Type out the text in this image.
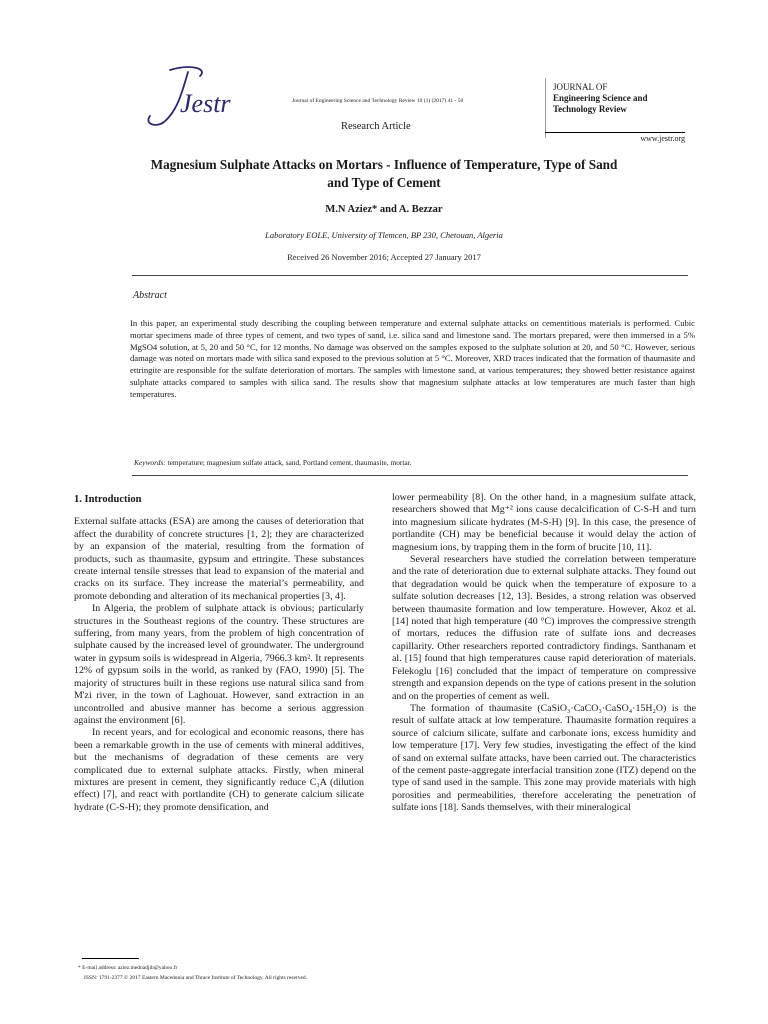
Jestr	Journal of Engineering Science and Technology Review 10 (1) (2017) 41 - 50
Research Article
JOURNAL OF
Engineering Science and
Technology Review
www.jestr.org
Magnesium Sulphate Attacks on Mortars - Influence of Temperature, Type of Sand
and Type of Cement
M.N Aziez* and A. Bezzar
Laboratory EOLE, University of Tlemcen, BP 230, Chetouan, Algeria
Received 26 November 2016; Accepted 27 January 2017
Abstract
In this paper, an experimental study describing the coupling between temperature and external sulphate attacks on cementitious materials is performed. Cubic mortar specimens made of three types of cement, and two types of sand, i.e. silica sand and limestone sand. The mortars prepared, were then immersed in a 5% MgSO4 solution, at 5, 20 and 50 °C, for 12 months. No damage was observed on the samples exposed to the sulphate solution at 20, and 50 °C. However, serious damage was noted on mortars made with silica sand exposed to the previous solution at 5 °C. Moreover, XRD traces indicated that the formation of thaumasite and ettringite are responsible for the sulfate deterioration of mortars. The samples with limestone sand, at various temperatures; they showed better resistance against sulphate attacks compared to samples with silica sand. The results show that magnesium sulphate attacks at low temperatures are much faster than high temperatures.
Keywords: temperature; magnesium sulfate attack, sand, Portland cement, thaumasite, mortar.

1. Introduction

External sulfate attacks (ESA) are among the causes of deterioration that affect the durability of concrete structures [1, 2]; they are characterized by an expansion of the material, resulting from the formation of products, such as thaumasite, gypsum and ettringite. These substances create internal tensile stresses that lead to expansion of the material and cracks on its surface. They increase the material’s permeability, and promote debonding and alteration of its mechanical properties [3, 4].

In Algeria, the problem of sulphate attack is obvious; particularly structures in the Southeast regions of the country. These structures are suffering, from many years, from the problem of high concentration of sulphate caused by the increased level of groundwater. The underground water in gypsum soils is widespread in Algeria, 7966.3 km². It represents 12% of gypsum soils in the world, as ranked by (FAO, 1990) [5]. The majority of structures built in these regions use natural silica sand from M'zi river, in the town of Laghouat. However, sand extraction in an uncontrolled and abusive manner has become a serious aggression against the environment [6].

In recent years, and for ecological and economic reasons, there has been a remarkable growth in the use of cements with mineral additives, but the mechanisms of degradation of these cements are very complicated due to external sulphate attacks. Firstly, when mineral mixtures are present in cement, they significantly reduce C₃A (dilution effect) [7], and react with portlandite (CH) to generate calcium silicate hydrate (C-S-H); they promote densification, and

lower permeability [8]. On the other hand, in a magnesium sulfate attack, researchers showed that Mg⁺² ions cause decalcification of C-S-H and turn into magnesium silicate hydrates (M-S-H) [9]. In this case, the presence of portlandite (CH) may be beneficial because it would delay the action of magnesium ions, by trapping them in the form of brucite [10, 11].

Several researchers have studied the correlation between temperature and the rate of deterioration due to external sulphate attacks. They found out that degradation would be quick when the temperature of exposure to a sulfate solution decreases [12, 13]. Besides, a strong relation was observed between thaumasite formation and low temperature. However, Akoz et al. [14] noted that high temperature (40 °C) improves the compressive strength of mortars, reduces the diffusion rate of sulfate ions and decreases capillarity. Other researchers reported contradictory findings. Santhanam et al. [15] found that high temperatures cause rapid deterioration of materials. Felekoglu [16] concluded that the impact of temperature on compressive strength and expansion depends on the type of cations present in the solution and on the properties of cement as well.

The formation of thaumasite (CaSiO₃·CaCO₃·CaSO₄·15H₂O) is the result of sulfate attack at low temperature. Thaumasite formation requires a source of calcium silicate, sulfate and carbonate ions, excess humidity and low temperature [17]. Very few studies, investigating the effect of the kind of sand on external sulfate attacks, have been carried out. The characteristics of the cement paste-aggregate interfacial transition zone (ITZ) depend on the type of sand used in the sample. This zone may provide materials with high porosities and permeabilities, therefore accelerating the penetration of sulfate ions [18]. Sands themselves, with their mineralogical

* E-mail address: aziez.mednadjib@yahoo.fr
ISSN: 1791-2377 © 2017 Eastern Macedonia and Thrace Institute of Technology. All rights reserved.
